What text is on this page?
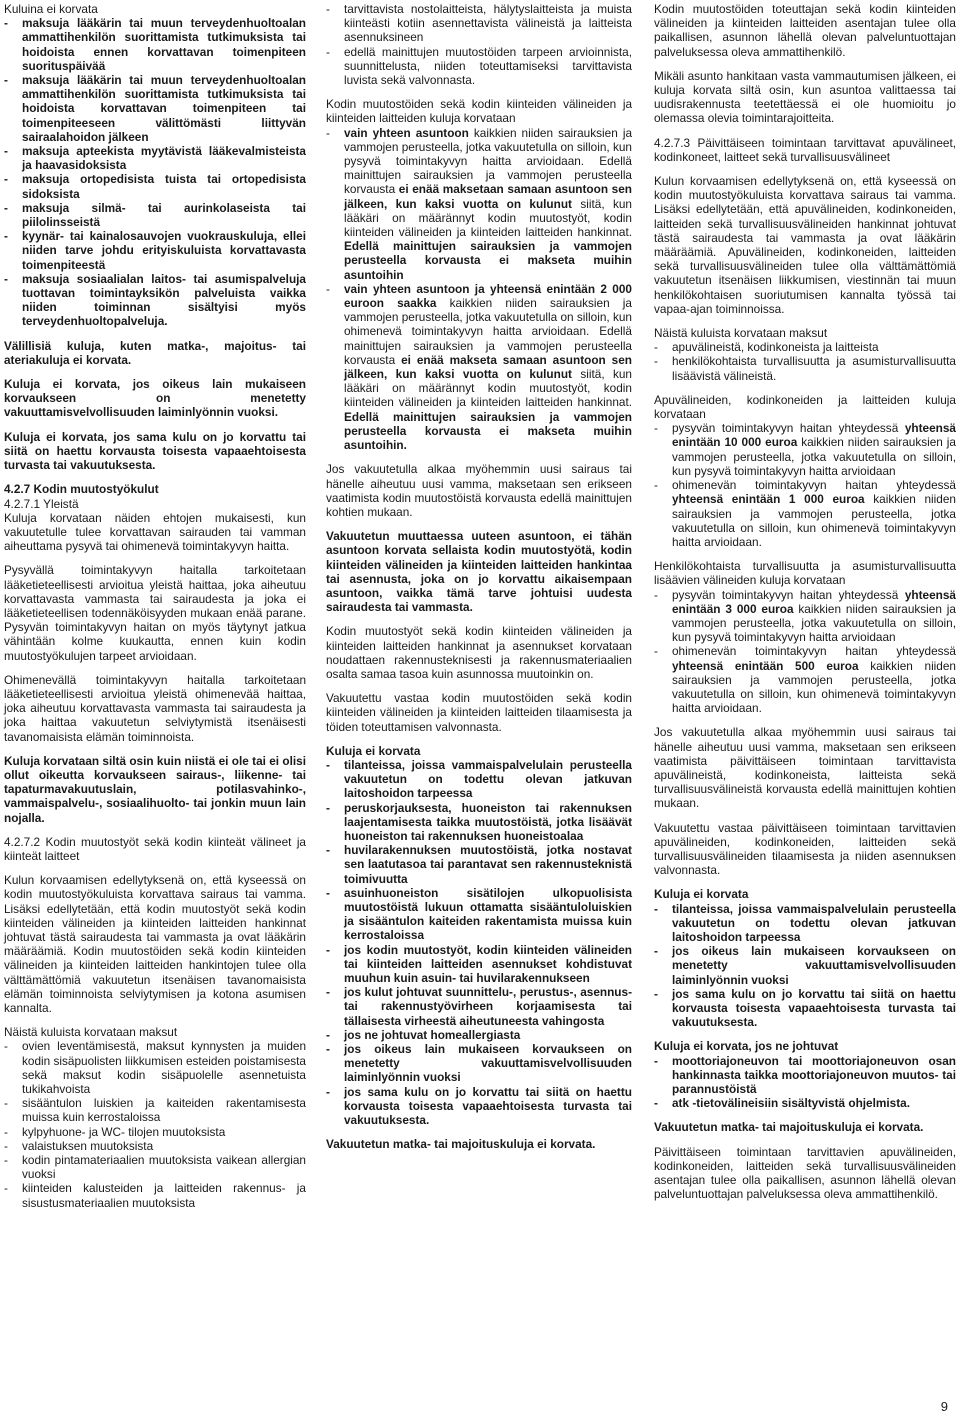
Kuluina ei korvata
-	maksuja lääkärin tai muun terveydenhuoltoalan ammattihenkilön suorittamista tutkimuksista tai hoidoista ennen korvattavan toimenpiteen suorituspäivää
-	maksuja lääkärin tai muun terveydenhuoltoalan ammattihenkilön suorittamista tutkimuksista tai hoidoista korvattavan toimenpiteen tai toimenpiteeseen välittömästi liittyvän sairaalahoidon jälkeen
-	maksuja apteekista myytävistä lääkevalmisteista ja haavasidoksista
-	maksuja ortopedisista tuista tai ortopedisista sidoksista
-	maksuja silmä- tai aurinkolaseista tai piilolinsseistä
-	kyynär- tai kainalosauvojen vuokrauskuluja, ellei niiden tarve johdu erityiskuluista korvattavasta toimenpiteestä
-	maksuja sosiaalialan laitos- tai asumispalveluja tuottavan toimintayksikön palveluista vaikka niiden toiminnan sisältyisi myös terveydenhuoltopalveluja.
Välillisiä kuluja, kuten matka-, majoitus- tai ateriakuluja ei korvata.
Kuluja ei korvata, jos oikeus lain mukaiseen korvaukseen on menetetty vakuuttamisvelvollisuuden laiminlyönnin vuoksi.
Kuluja ei korvata, jos sama kulu on jo korvattu tai siitä on haettu korvausta toisesta vapaaehtoisesta turvasta tai vakuutuksesta.
4.2.7 Kodin muutostyökulut
4.2.7.1 Yleistä
Kuluja korvataan näiden ehtojen mukaisesti, kun vakuutetulle tulee korvattavan sairauden tai vamman aiheuttama pysyvä tai ohimenevä toimintakyvyn haitta.
Pysyvällä toimintakyvyn haitalla tarkoitetaan lääketieteellisesti arvioitua yleistä haittaa, joka aiheutuu korvattavasta vammasta tai sairaudesta ja joka ei lääketieteellisen todennäköisyyden mukaan enää parane. Pysyvän toimintakyvyn haitan on myös täytynyt jatkua vähintään kolme kuukautta, ennen kuin kodin muutostyökulujen tarpeet arvioidaan.
Ohimenevällä toimintakyvyn haitalla tarkoitetaan lääketieteellisesti arvioitua yleistä ohimenevää haittaa, joka aiheutuu korvattavasta vammasta tai sairaudesta ja joka haittaa vakuutetun selviytymistä itsenäisesti tavanomaisista elämän toiminnoista.
Kuluja korvataan siltä osin kuin niistä ei ole tai ei olisi ollut oikeutta korvaukseen sairaus-, liikenne- tai tapaturmavakuutuslain, potilasvahinko-, vammaispalvelu-, sosiaalihuolto- tai jonkin muun lain nojalla.
4.2.7.2 Kodin muutostyöt sekä kodin kiinteät välineet ja kiinteät laitteet
Kulun korvaamisen edellytyksenä on, että kyseessä on kodin muutostyökuluista korvattava sairaus tai vamma. Lisäksi edellytetään, että kodin muutostyöt sekä kodin kiinteiden välineiden ja kiinteiden laitteiden hankinnat johtuvat tästä sairaudesta tai vammasta ja ovat lääkärin määräämiä. Kodin muutostöiden sekä kodin kiinteiden välineiden ja kiinteiden laitteiden hankintojen tulee olla välttämättömiä vakuutetun itsenäisen tavanomaisista elämän toiminnoista selviytymisen ja kotona asumisen kannalta.
Näistä kuluista korvataan maksut
-	ovien leventämisestä, maksut kynnysten ja muiden kodin sisäpuolisten liikkumisen esteiden poistamisesta sekä maksut kodin sisäpuolelle asennetuista tukikahvoista
-	sisääntulon luiskien ja kaiteiden rakentamisesta muissa kuin kerrostaloissa
-	kylpyhuone- ja WC- tilojen muutoksista
-	valaistuksen muutoksista
-	kodin pintamateriaalien muutoksista vaikean allergian vuoksi
-	kiinteiden kalusteiden ja laitteiden rakennus- ja sisustusmateriaalien muutoksista
-	tarvittavista nostolaitteista, hälytyslaitteista ja muista kiinteästi kotiin asennettavista välineistä ja laitteista asennuksineen
-	edellä mainittujen muutostöiden tarpeen arvioinnista, suunnittelusta, niiden toteuttamiseksi tarvittavista luvista sekä valvonnasta.
Kodin muutostöiden sekä kodin kiinteiden välineiden ja kiinteiden laitteiden kuluja korvataan
-	vain yhteen asuntoon kaikkien niiden sairauksien ja vammojen perusteella, jotka vakuutetulla on silloin, kun pysyvä toimintakyvyn haitta arvioidaan. Edellä mainittujen sairauksien ja vammojen perusteella korvausta ei enää maksetaan samaan asuntoon sen jälkeen, kun kaksi vuotta on kulunut siitä, kun lääkäri on määrännyt kodin muutostyöt, kodin kiinteiden välineiden ja kiinteiden laitteiden hankinnat. Edellä mainittujen sairauksien ja vammojen perusteella korvausta ei makseta muihin asuntoihin
-	vain yhteen asuntoon ja yhteensä enintään 2 000 euroon saakka kaikkien niiden sairauksien ja vammojen perusteella, jotka vakuutetulla on silloin, kun ohimenevä toimintakyvyn haitta arvioidaan. Edellä mainittujen sairauksien ja vammojen perusteella korvausta ei enää makseta samaan asuntoon sen jälkeen, kun kaksi vuotta on kulunut siitä, kun lääkäri on määrännyt kodin muutostyöt, kodin kiinteiden välineiden ja kiinteiden laitteiden hankinnat. Edellä mainittujen sairauksien ja vammojen perusteella korvausta ei makseta muihin asuntoihin.
Jos vakuutetulla alkaa myöhemmin uusi sairaus tai hänelle aiheutuu uusi vamma, maksetaan sen erikseen vaatimista kodin muutostöistä korvausta edellä mainittujen kohtien mukaan.
Vakuutetun muuttaessa uuteen asuntoon, ei tähän asuntoon korvata sellaista kodin muutostyötä, kodin kiinteiden välineiden ja kiinteiden laitteiden hankintaa tai asennusta, joka on jo korvattu aikaisempaan asuntoon, vaikka tämä tarve johtuisi uudesta sairaudesta tai vammasta.
Kodin muutostyöt sekä kodin kiinteiden välineiden ja kiinteiden laitteiden hankinnat ja asennukset korvataan noudattaen rakennusteknisesti ja rakennusmateriaalien osalta samaa tasoa kuin asunnossa muutoinkin on.
Vakuutettu vastaa kodin muutostöiden sekä kodin kiinteiden välineiden ja kiinteiden laitteiden tilaamisesta ja töiden toteuttamisen valvonnasta.
Kuluja ei korvata
-	tilanteissa, joissa vammaispalvelulain perusteella vakuutetun on todettu olevan jatkuvan laitoshoidon tarpeessa
-	peruskorjauksesta, huoneiston tai rakennuksen laajentamisesta taikka muutostöistä, jotka lisäävät huoneiston tai rakennuksen huoneistoalaa
-	huvilarakennuksen muutostöistä, jotka nostavat sen laatutasoa tai parantavat sen rakennusteknistä toimivuutta
-	asuinhuoneiston sisätilojen ulkopuolisista muutostöistä lukuun ottamatta sisääntuloluiskien ja sisääntulon kaiteiden rakentamista muissa kuin kerrostaloissa
-	jos kodin muutostyöt, kodin kiinteiden välineiden tai kiinteiden laitteiden asennukset kohdistuvat muuhun kuin asuin- tai huvilarakennukseen
-	jos kulut johtuvat suunnittelu-, perustus-, asennus- tai rakennustyövirheen korjaamisesta tai tällaisesta virheestä aiheutuneesta vahingosta
-	jos ne johtuvat homeallergiasta
-	jos oikeus lain mukaiseen korvaukseen on menetetty vakuuttamisvelvollisuuden laiminlyönnin vuoksi
-	jos sama kulu on jo korvattu tai siitä on haettu korvausta toisesta vapaaehtoisesta turvasta tai vakuutuksesta.
Vakuutetun matka- tai majoituskuluja ei korvata.
Kodin muutostöiden toteuttajan sekä kodin kiinteiden välineiden ja kiinteiden laitteiden asentajan tulee olla paikallisen, asunnon lähellä olevan palveluntuottajan palveluksessa oleva ammattihenkilö.
Mikäli asunto hankitaan vasta vammautumisen jälkeen, ei kuluja korvata siltä osin, kun asuntoa valittaessa tai uudisrakennusta teetettäessä ei ole huomioitu jo olemassa olevia toimintarajoitteita.
4.2.7.3 Päivittäiseen toimintaan tarvittavat apuvälineet, kodinkoneet, laitteet sekä turvallisuusvälineet
Kulun korvaamisen edellytyksenä on, että kyseessä on kodin muutostyökuluista korvattava sairaus tai vamma. Lisäksi edellytetään, että apuvälineiden, kodinkoneiden, laitteiden sekä turvallisuusvälineiden hankinnat johtuvat tästä sairaudesta tai vammasta ja ovat lääkärin määräämiä. Apuvälineiden, kodinkoneiden, laitteiden sekä turvallisuusvälineiden tulee olla välttämättömiä vakuutetun itsenäisen liikkumisen, viestinnän tai muun henkilökohtaisen suoriutumisen kannalta työssä tai vapaa-ajan toiminnoissa.
Näistä kuluista korvataan maksut
-	apuvälineistä, kodinkoneista ja laitteista
-	henkilökohtaista turvallisuutta ja asumisturvallisuutta lisäävistä välineistä.
Apuvälineiden, kodinkoneiden ja laitteiden kuluja korvataan
-	pysyvän toimintakyvyn haitan yhteydessä yhteensä enintään 10 000 euroa kaikkien niiden sairauksien ja vammojen perusteella, jotka vakuutetulla on silloin, kun pysyvä toimintakyvyn haitta arvioidaan
-	ohimenevän toimintakyvyn haitan yhteydessä yhteensä enintään 1 000 euroa kaikkien niiden sairauksien ja vammojen perusteella, jotka vakuutetulla on silloin, kun ohimenevä toimintakyvyn haitta arvioidaan.
Henkilökohtaista turvallisuutta ja asumisturvallisuutta lisäävien välineiden kuluja korvataan
-	pysyvän toimintakyvyn haitan yhteydessä yhteensä enintään 3 000 euroa kaikkien niiden sairauksien ja vammojen perusteella, jotka vakuutetulla on silloin, kun pysyvä toimintakyvyn haitta arvioidaan
-	ohimenevän toimintakyvyn haitan yhteydessä yhteensä enintään 500 euroa kaikkien niiden sairauksien ja vammojen perusteella, jotka vakuutetulla on silloin, kun ohimenevä toimintakyvyn haitta arvioidaan.
Jos vakuutetulla alkaa myöhemmin uusi sairaus tai hänelle aiheutuu uusi vamma, maksetaan sen erikseen vaatimista päivittäiseen toimintaan tarvittavista apuvälineistä, kodinkoneista, laitteista sekä turvallisuusvälineistä korvausta edellä mainittujen kohtien mukaan.
Vakuutettu vastaa päivittäiseen toimintaan tarvittavien apuvälineiden, kodinkoneiden, laitteiden sekä turvallisuusvälineiden tilaamisesta ja niiden asennuksen valvonnasta.
Kuluja ei korvata
-	tilanteissa, joissa vammaispalvelulain perusteella vakuutetun on todettu olevan jatkuvan laitoshoidon tarpeessa
-	jos oikeus lain mukaiseen korvaukseen on menetetty vakuuttamisvelvollisuuden laiminlyönnin vuoksi
-	jos sama kulu on jo korvattu tai siitä on haettu korvausta toisesta vapaaehtoisesta turvasta tai vakuutuksesta.
Kuluja ei korvata, jos ne johtuvat
-	moottoriajoneuvon tai moottoriajoneuvon osan hankinnasta taikka moottoriajoneuvon muutos- tai parannustöistä
-	atk -tietovälineisiin sisältyvistä ohjelmista.
Vakuutetun matka- tai majoituskuluja ei korvata.
Päivittäiseen toimintaan tarvittavien apuvälineiden, kodinkoneiden, laitteiden sekä turvallisuusvälineiden asentajan tulee olla paikallisen, asunnon lähellä olevan palveluntuottajan palveluksessa oleva ammattihenkilö.
9
